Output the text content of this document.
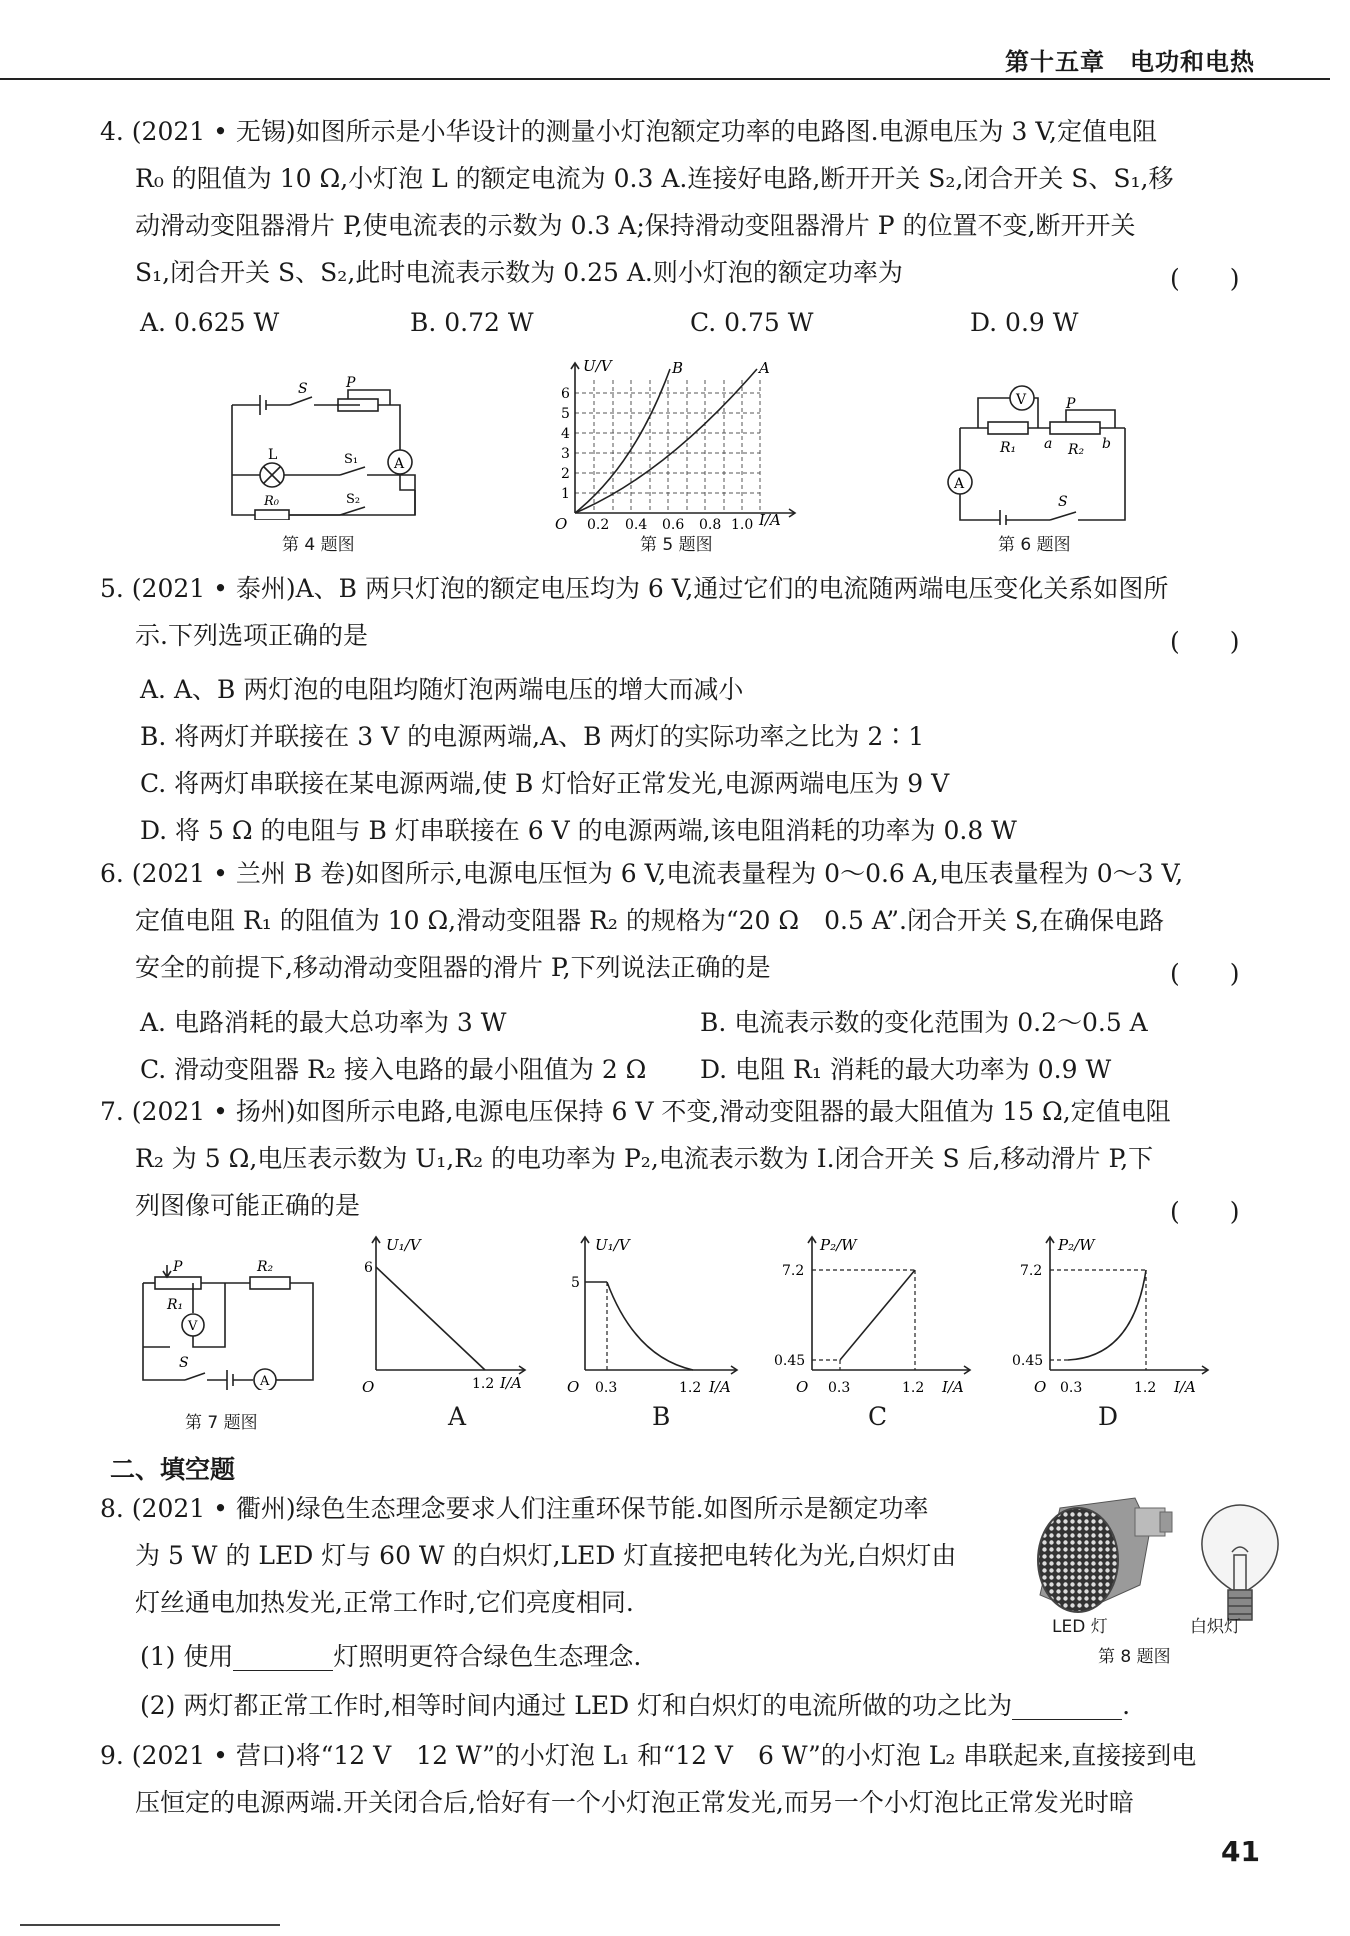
第十五章　电功和电热
4. (2021 • 无锡)如图所示是小华设计的测量小灯泡额定功率的电路图.电源电压为 3 V,定值电阻
R₀ 的阻值为 10 Ω,小灯泡 L 的额定电流为 0.3 A.连接好电路,断开开关 S₂,闭合开关 S、S₁,移
动滑动变阻器滑片 P,使电流表的示数为 0.3 A;保持滑动变阻器滑片 P 的位置不变,断开开关
S₁,闭合开关 S、S₂,此时电流表示数为 0.25 A.则小灯泡的额定功率为	(　　)
A. 0.625 W	B. 0.72 W	C. 0.75 W	D. 0.9 W
S	P
A
L	S₁
R₀	S₂
第 4 题图
U/V
I/A
O
1
2
3
4
5
6
0.2 0.4 0.6 0.8 1.0
A
B
第 5 题图
V	P
R₁ a R₂ b
A
S
第 6 题图
5. (2021 • 泰州)A、B 两只灯泡的额定电压均为 6 V,通过它们的电流随两端电压变化关系如图所
示.下列选项正确的是	(　　)
A. A、B 两灯泡的电阻均随灯泡两端电压的增大而减小
B. 将两灯并联接在 3 V 的电源两端,A、B 两灯的实际功率之比为 2∶1
C. 将两灯串联接在某电源两端,使 B 灯恰好正常发光,电源两端电压为 9 V
D. 将 5 Ω 的电阻与 B 灯串联接在 6 V 的电源两端,该电阻消耗的功率为 0.8 W
6. (2021 • 兰州 B 卷)如图所示,电源电压恒为 6 V,电流表量程为 0～0.6 A,电压表量程为 0～3 V,
定值电阻 R₁ 的阻值为 10 Ω,滑动变阻器 R₂ 的规格为“20 Ω　0.5 A”.闭合开关 S,在确保电路
安全的前提下,移动滑动变阻器的滑片 P,下列说法正确的是	(　　)
A. 电路消耗的最大总功率为 3 W	B. 电流表示数的变化范围为 0.2～0.5 A
C. 滑动变阻器 R₂ 接入电路的最小阻值为 2 Ω D. 电阻 R₁ 消耗的最大功率为 0.9 W
7. (2021 • 扬州)如图所示电路,电源电压保持 6 V 不变,滑动变阻器的最大阻值为 15 Ω,定值电阻
R₂ 为 5 Ω,电压表示数为 U₁,R₂ 的电功率为 P₂,电流表示数为 I.闭合开关 S 后,移动滑片 P,下
列图像可能正确的是	(　　)
P	R₂
R₁
V
S
A
第 7 题图
U₁/V
6
O	1.2 I/A
A
U₁/V
5
O 0.3	1.2 I/A
B
P₂/W
7.2
0.45
O 0.3	1.2 I/A
C
P₂/W
7.2
0.45
O 0.3	1.2 I/A
D
二、填空题
8. (2021 • 衢州)绿色生态理念要求人们注重环保节能.如图所示是额定功率
为 5 W 的 LED 灯与 60 W 的白炽灯,LED 灯直接把电转化为光,白炽灯由
灯丝通电加热发光,正常工作时,它们亮度相同.
(1) 使用	灯照明更符合绿色生态理念.
(2) 两灯都正常工作时,相等时间内通过 LED 灯和白炽灯的电流所做的功之比为	.
LED 灯	白炽灯
第 8 题图
9. (2021 • 营口)将“12 V　12 W”的小灯泡 L₁ 和“12 V　6 W”的小灯泡 L₂ 串联起来,直接接到电
压恒定的电源两端.开关闭合后,恰好有一个小灯泡正常发光,而另一个小灯泡比正常发光时暗
41
